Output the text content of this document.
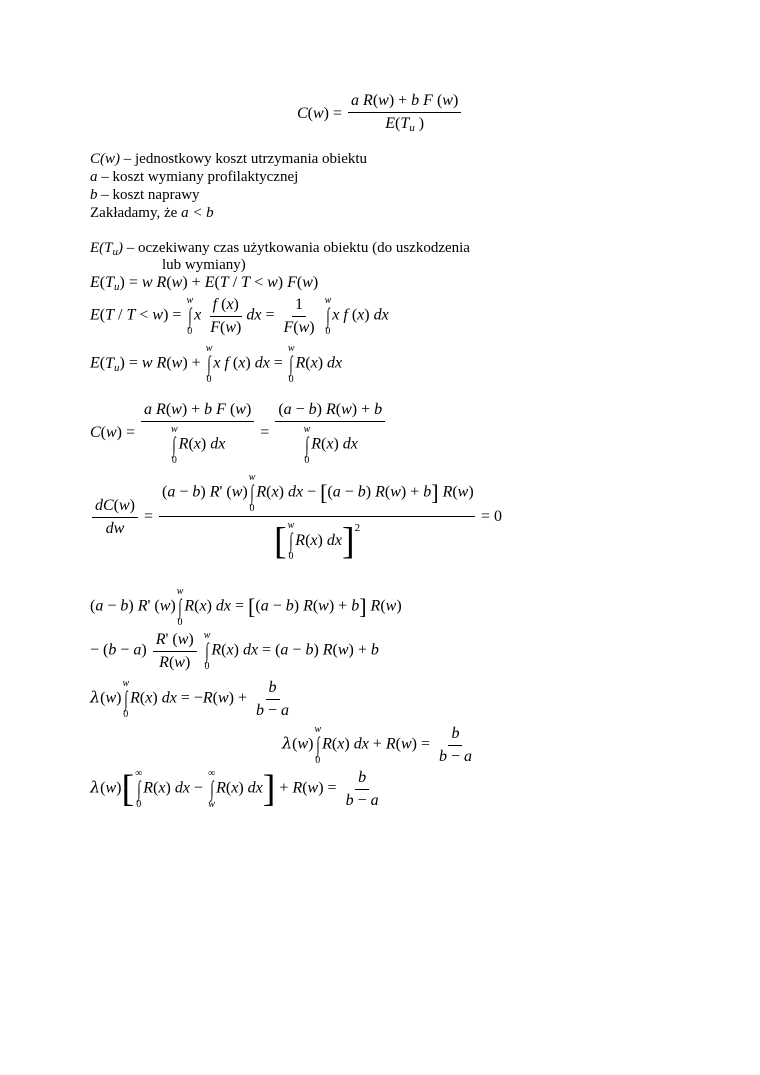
$C(w) = \frac{\text{a R(w) + b F (w)}}{E(T_u )}$
C(w) – jednostkowy koszt utrzymania obiektu
a – koszt wymiany profilaktycznej
b – koszt naprawy
Zakładamy, że a < b
$E(T_u)$ – oczekiwany czas użytkowania obiektu (do uszkodzenia
lub wymiany)
$E(T_u) = w$ R(w) + E(T / T < w) F(w)
E(T / T < w) =
w
∫
0
x $\frac{f (x)}{F(w)}$ dx = $\frac{1}{F(w)}$
w
∫
0
x f (x) dx
$E(T_u) = w$ R(w) +
w
∫
0
x f (x) dx =
w
∫
0
R(x) dx
C(w) = a R(w) + b F (w)
w
∫
0
R(x) dx = (a − b) R(w) + b
w
∫
0
R(x) dx
$\frac{dC(w)}{dw} = (a - b)$ R' (w)
w
∫
0
R(x) dx − [(a − b) R(w) + b] R(w)
[ w
∫
0
R(x) dx]$^2$ = 0
(a − b) R' (w)
w
∫
0
R(x) dx = [(a − b) R(w) + b] R(w)
− $(b - a) \frac{R' (w)}{R(w)}$
w
∫
0
R(x) dx = (a − b) R(w) + b
λ(w)
w
∫
0
R(x) dx = $-R(w) + \frac{b}{b - a}$
λ(w)
w
∫
0
R(x) dx + $R(w) = \frac{b}{b - a}$
λ(w)[ ∞
∫
0
R(x) dx −
∞
∫
w
R(x) $dx] + R(w) = \frac{b}{b - a}$
